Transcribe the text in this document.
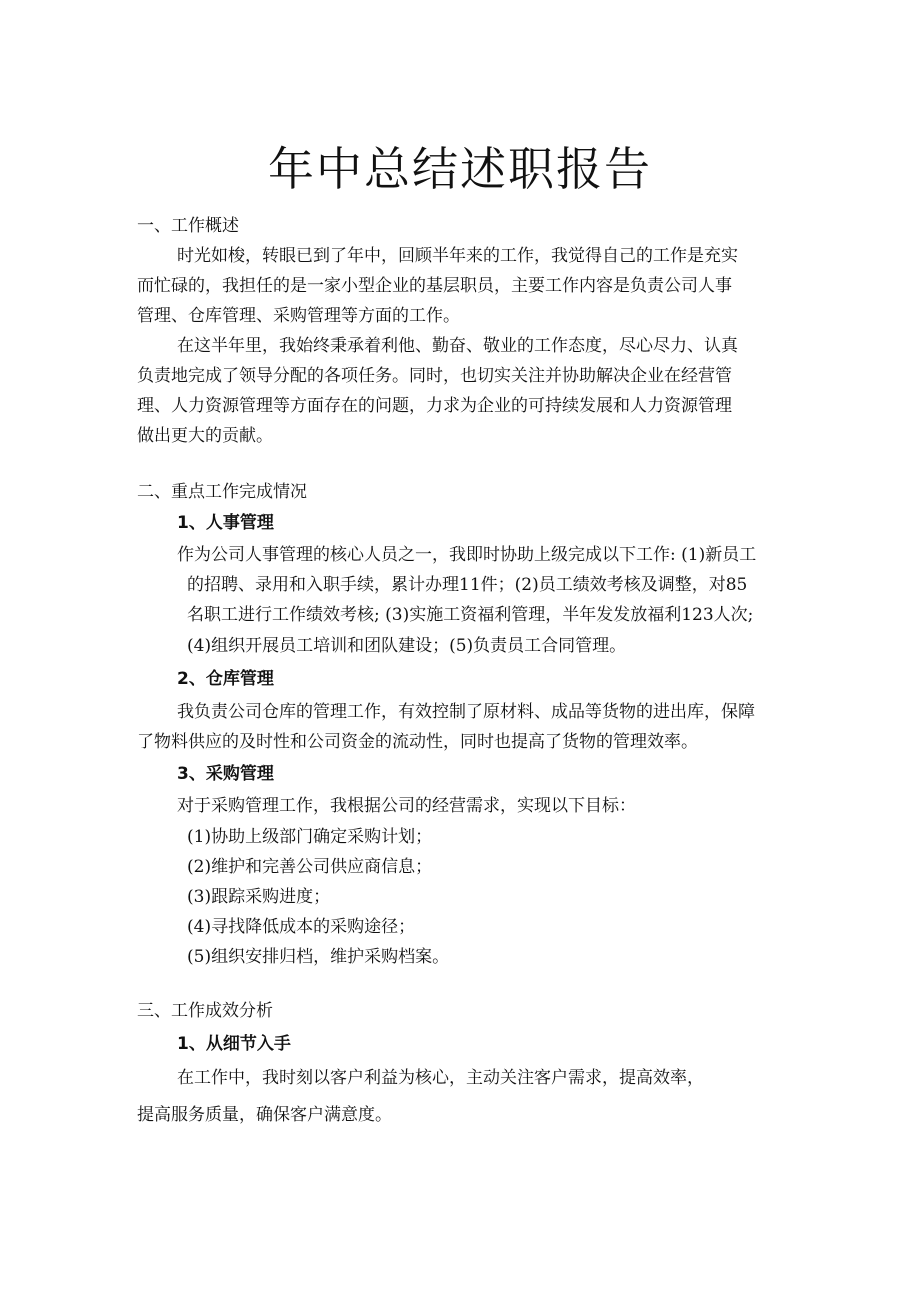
年中总结述职报告

一、工作概述

时光如梭，转眼已到了年中，回顾半年来的工作，我觉得自己的工作是充实

而忙碌的，我担任的是一家小型企业的基层职员，主要工作内容是负责公司人事

管理、仓库管理、采购管理等方面的工作。

在这半年里，我始终秉承着利他、勤奋、敬业的工作态度，尽心尽力、认真

负责地完成了领导分配的各项任务。同时，也切实关注并协助解决企业在经营管

理、人力资源管理等方面存在的问题，力求为企业的可持续发展和人力资源管理

做出更大的贡献。

二、重点工作完成情况

1、人事管理

作为公司人事管理的核心人员之一，我即时协助上级完成以下工作: (1)新员工

的招聘、录用和入职手续，累计办理11件；(2)员工绩效考核及调整，对85

名职工进行工作绩效考核; (3)实施工资福利管理，半年发发放福利123人次;

(4)组织开展员工培训和团队建设；(5)负责员工合同管理。

2、仓库管理

我负责公司仓库的管理工作，有效控制了原材料、成品等货物的进出库，保障

了物料供应的及时性和公司资金的流动性，同时也提高了货物的管理效率。

3、采购管理

对于采购管理工作，我根据公司的经营需求，实现以下目标：

(1)协助上级部门确定采购计划；

(2)维护和完善公司供应商信息；

(3)跟踪采购进度；

(4)寻找降低成本的采购途径；

(5)组织安排归档，维护采购档案。

三、工作成效分析

1、从细节入手

在工作中，我时刻以客户利益为核心，主动关注客户需求，提高效率，

提高服务质量，确保客户满意度。
